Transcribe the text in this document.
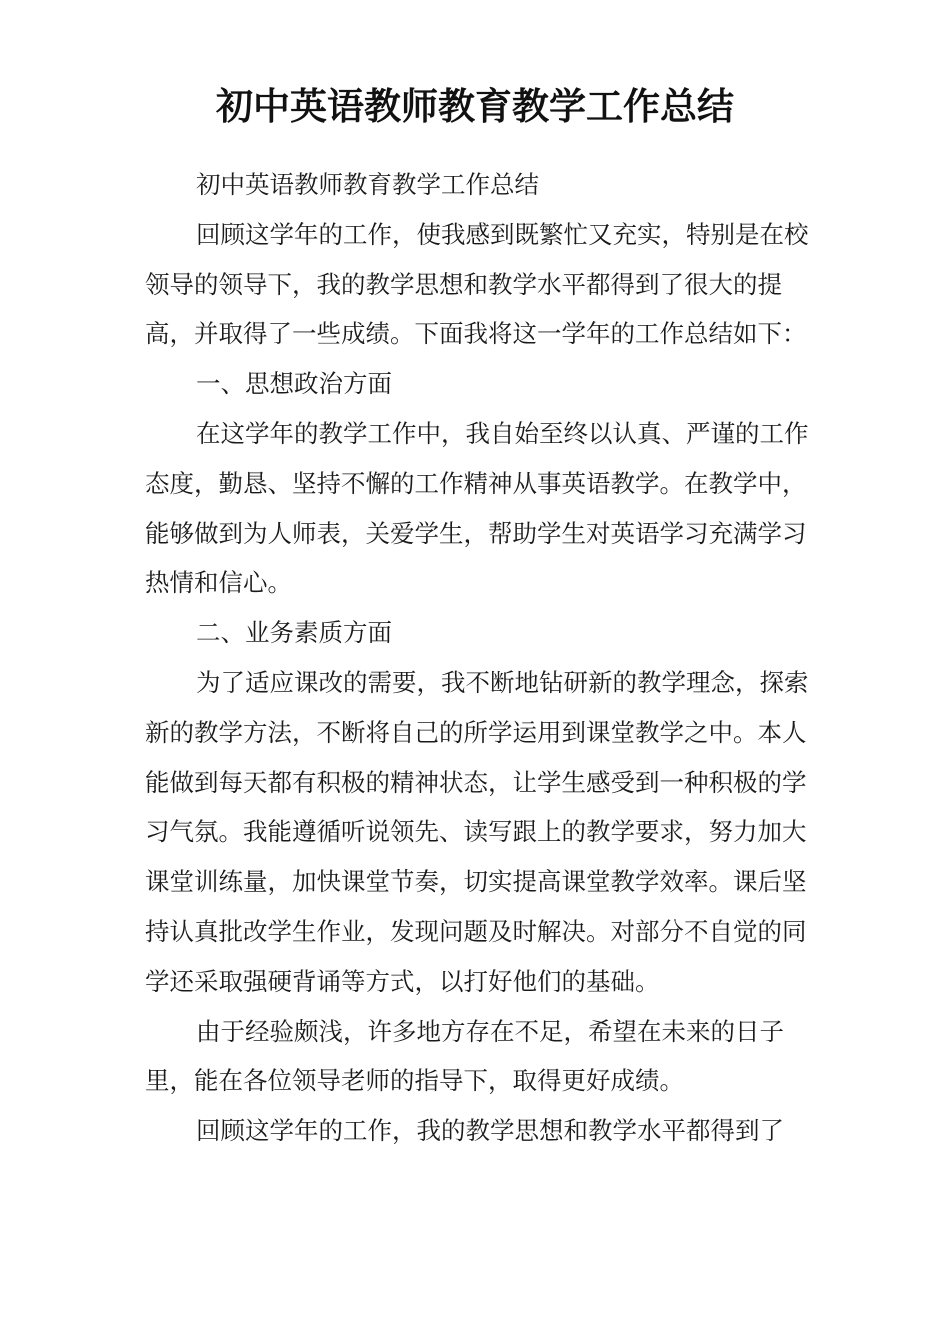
初中英语教师教育教学工作总结

初中英语教师教育教学工作总结

回顾这学年的工作，使我感到既繁忙又充实，特别是在校领导的领导下，我的教学思想和教学水平都得到了很大的提高，并取得了一些成绩。下面我将这一学年的工作总结如下：

一、思想政治方面

在这学年的教学工作中，我自始至终以认真、严谨的工作态度，勤恳、坚持不懈的工作精神从事英语教学。在教学中，能够做到为人师表，关爱学生，帮助学生对英语学习充满学习热情和信心。

二、业务素质方面

为了适应课改的需要，我不断地钻研新的教学理念，探索新的教学方法，不断将自己的所学运用到课堂教学之中。本人能做到每天都有积极的精神状态，让学生感受到一种积极的学习气氛。我能遵循听说领先、读写跟上的教学要求，努力加大课堂训练量，加快课堂节奏，切实提高课堂教学效率。课后坚持认真批改学生作业，发现问题及时解决。对部分不自觉的同学还采取强硬背诵等方式，以打好他们的基础。

由于经验颇浅，许多地方存在不足，希望在未来的日子里，能在各位领导老师的指导下，取得更好成绩。

回顾这学年的工作，我的教学思想和教学水平都得到了
